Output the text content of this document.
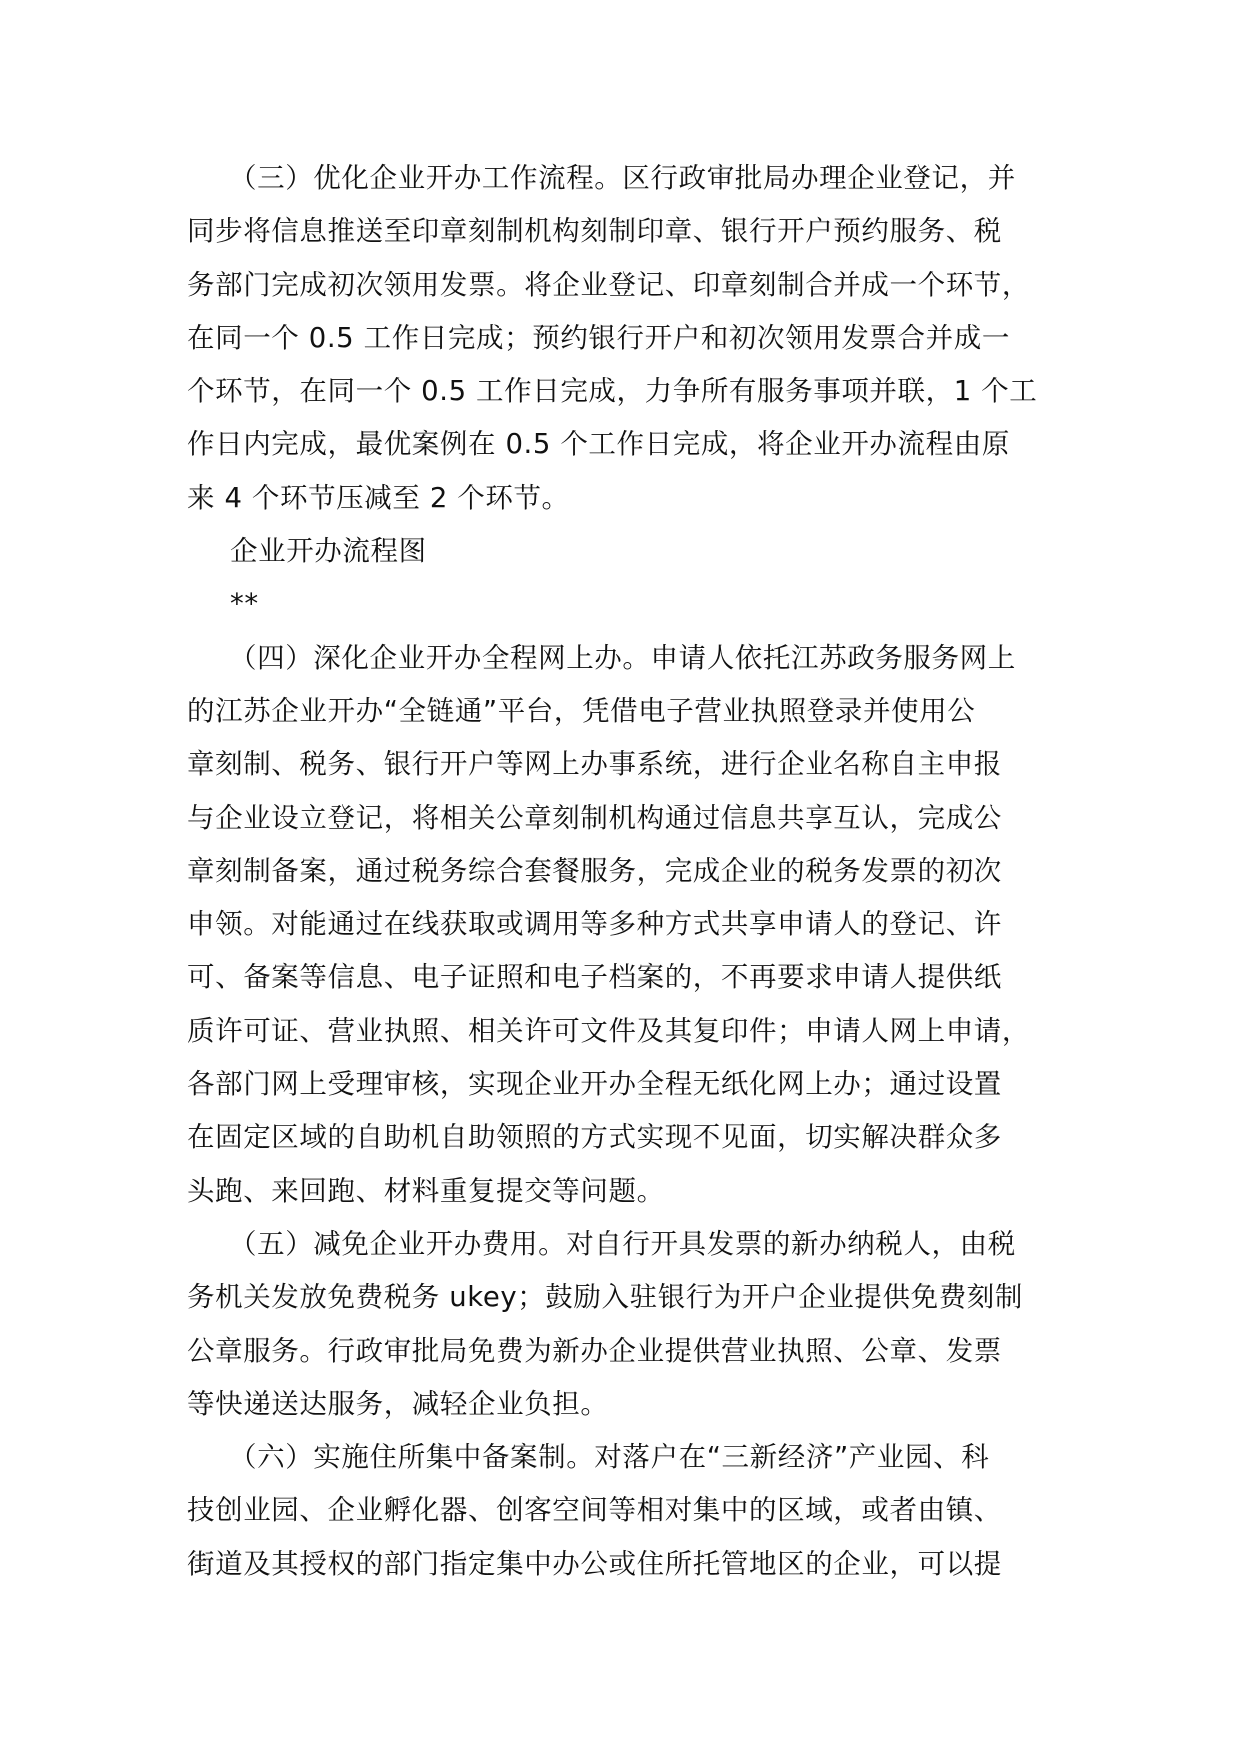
（三）优化企业开办工作流程。区行政审批局办理企业登记，并
同步将信息推送至印章刻制机构刻制印章、银行开户预约服务、税
务部门完成初次领用发票。将企业登记、印章刻制合并成一个环节，
在同一个 0.5 工作日完成；预约银行开户和初次领用发票合并成一
个环节，在同一个 0.5 工作日完成，力争所有服务事项并联，1 个工
作日内完成，最优案例在 0.5 个工作日完成，将企业开办流程由原
来 4 个环节压减至 2 个环节。

企业开办流程图

**

（四）深化企业开办全程网上办。申请人依托江苏政务服务网上
的江苏企业开办“全链通”平台，凭借电子营业执照登录并使用公
章刻制、税务、银行开户等网上办事系统，进行企业名称自主申报
与企业设立登记，将相关公章刻制机构通过信息共享互认，完成公
章刻制备案，通过税务综合套餐服务，完成企业的税务发票的初次
申领。对能通过在线获取或调用等多种方式共享申请人的登记、许
可、备案等信息、电子证照和电子档案的，不再要求申请人提供纸
质许可证、营业执照、相关许可文件及其复印件；申请人网上申请，
各部门网上受理审核，实现企业开办全程无纸化网上办；通过设置
在固定区域的自助机自助领照的方式实现不见面，切实解决群众多
头跑、来回跑、材料重复提交等问题。

（五）减免企业开办费用。对自行开具发票的新办纳税人，由税
务机关发放免费税务 ukey；鼓励入驻银行为开户企业提供免费刻制
公章服务。行政审批局免费为新办企业提供营业执照、公章、发票
等快递送达服务，减轻企业负担。

（六）实施住所集中备案制。对落户在“三新经济”产业园、科
技创业园、企业孵化器、创客空间等相对集中的区域，或者由镇、
街道及其授权的部门指定集中办公或住所托管地区的企业，可以提
